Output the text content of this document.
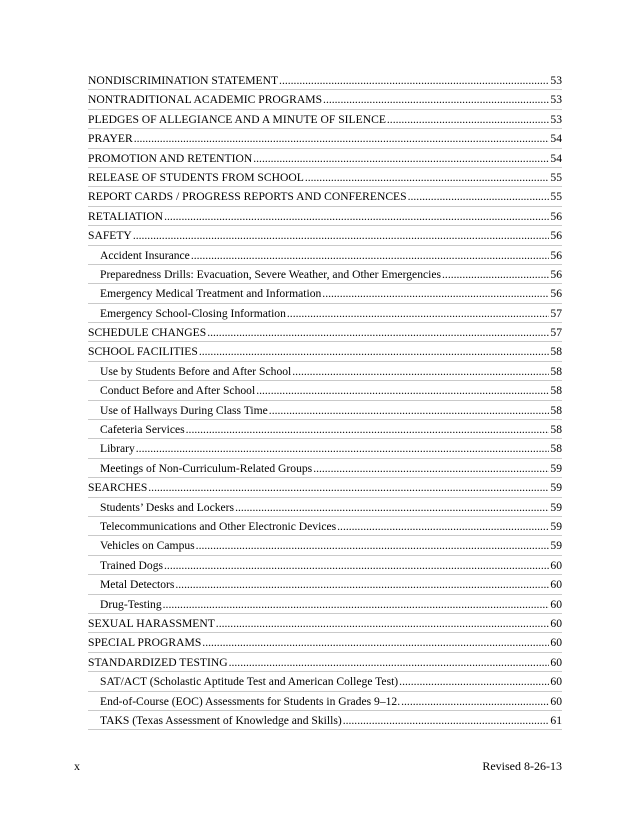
NONDISCRIMINATION STATEMENT .....	53
NONTRADITIONAL ACADEMIC PROGRAMS .....	53
PLEDGES OF ALLEGIANCE AND A MINUTE OF SILENCE .....	53
PRAYER .....	54
PROMOTION AND RETENTION .....	54
RELEASE OF STUDENTS FROM SCHOOL .....	55
REPORT CARDS / PROGRESS REPORTS AND CONFERENCES .....	55
RETALIATION .....	56
SAFETY .....	56
Accident Insurance .....	56
Preparedness Drills: Evacuation, Severe Weather, and Other Emergencies .....	56
Emergency Medical Treatment and Information .....	56
Emergency School-Closing Information .....	57
SCHEDULE CHANGES .....	57
SCHOOL FACILITIES .....	58
Use by Students Before and After School .....	58
Conduct Before and After School .....	58
Use of Hallways During Class Time .....	58
Cafeteria Services .....	58
Library .....	58
Meetings of Non-Curriculum-Related Groups .....	59
SEARCHES .....	59
Students’ Desks and Lockers .....	59
Telecommunications and Other Electronic Devices .....	59
Vehicles on Campus .....	59
Trained Dogs .....	60
Metal Detectors .....	60
Drug-Testing .....	60
SEXUAL HARASSMENT .....	60
SPECIAL PROGRAMS .....	60
STANDARDIZED TESTING .....	60
SAT/ACT (Scholastic Aptitude Test and American College Test) .....	60
End-of-Course (EOC) Assessments for Students in Grades 9–12. .....	60
TAKS (Texas Assessment of Knowledge and Skills) .....	61
x	Revised 8-26-13
